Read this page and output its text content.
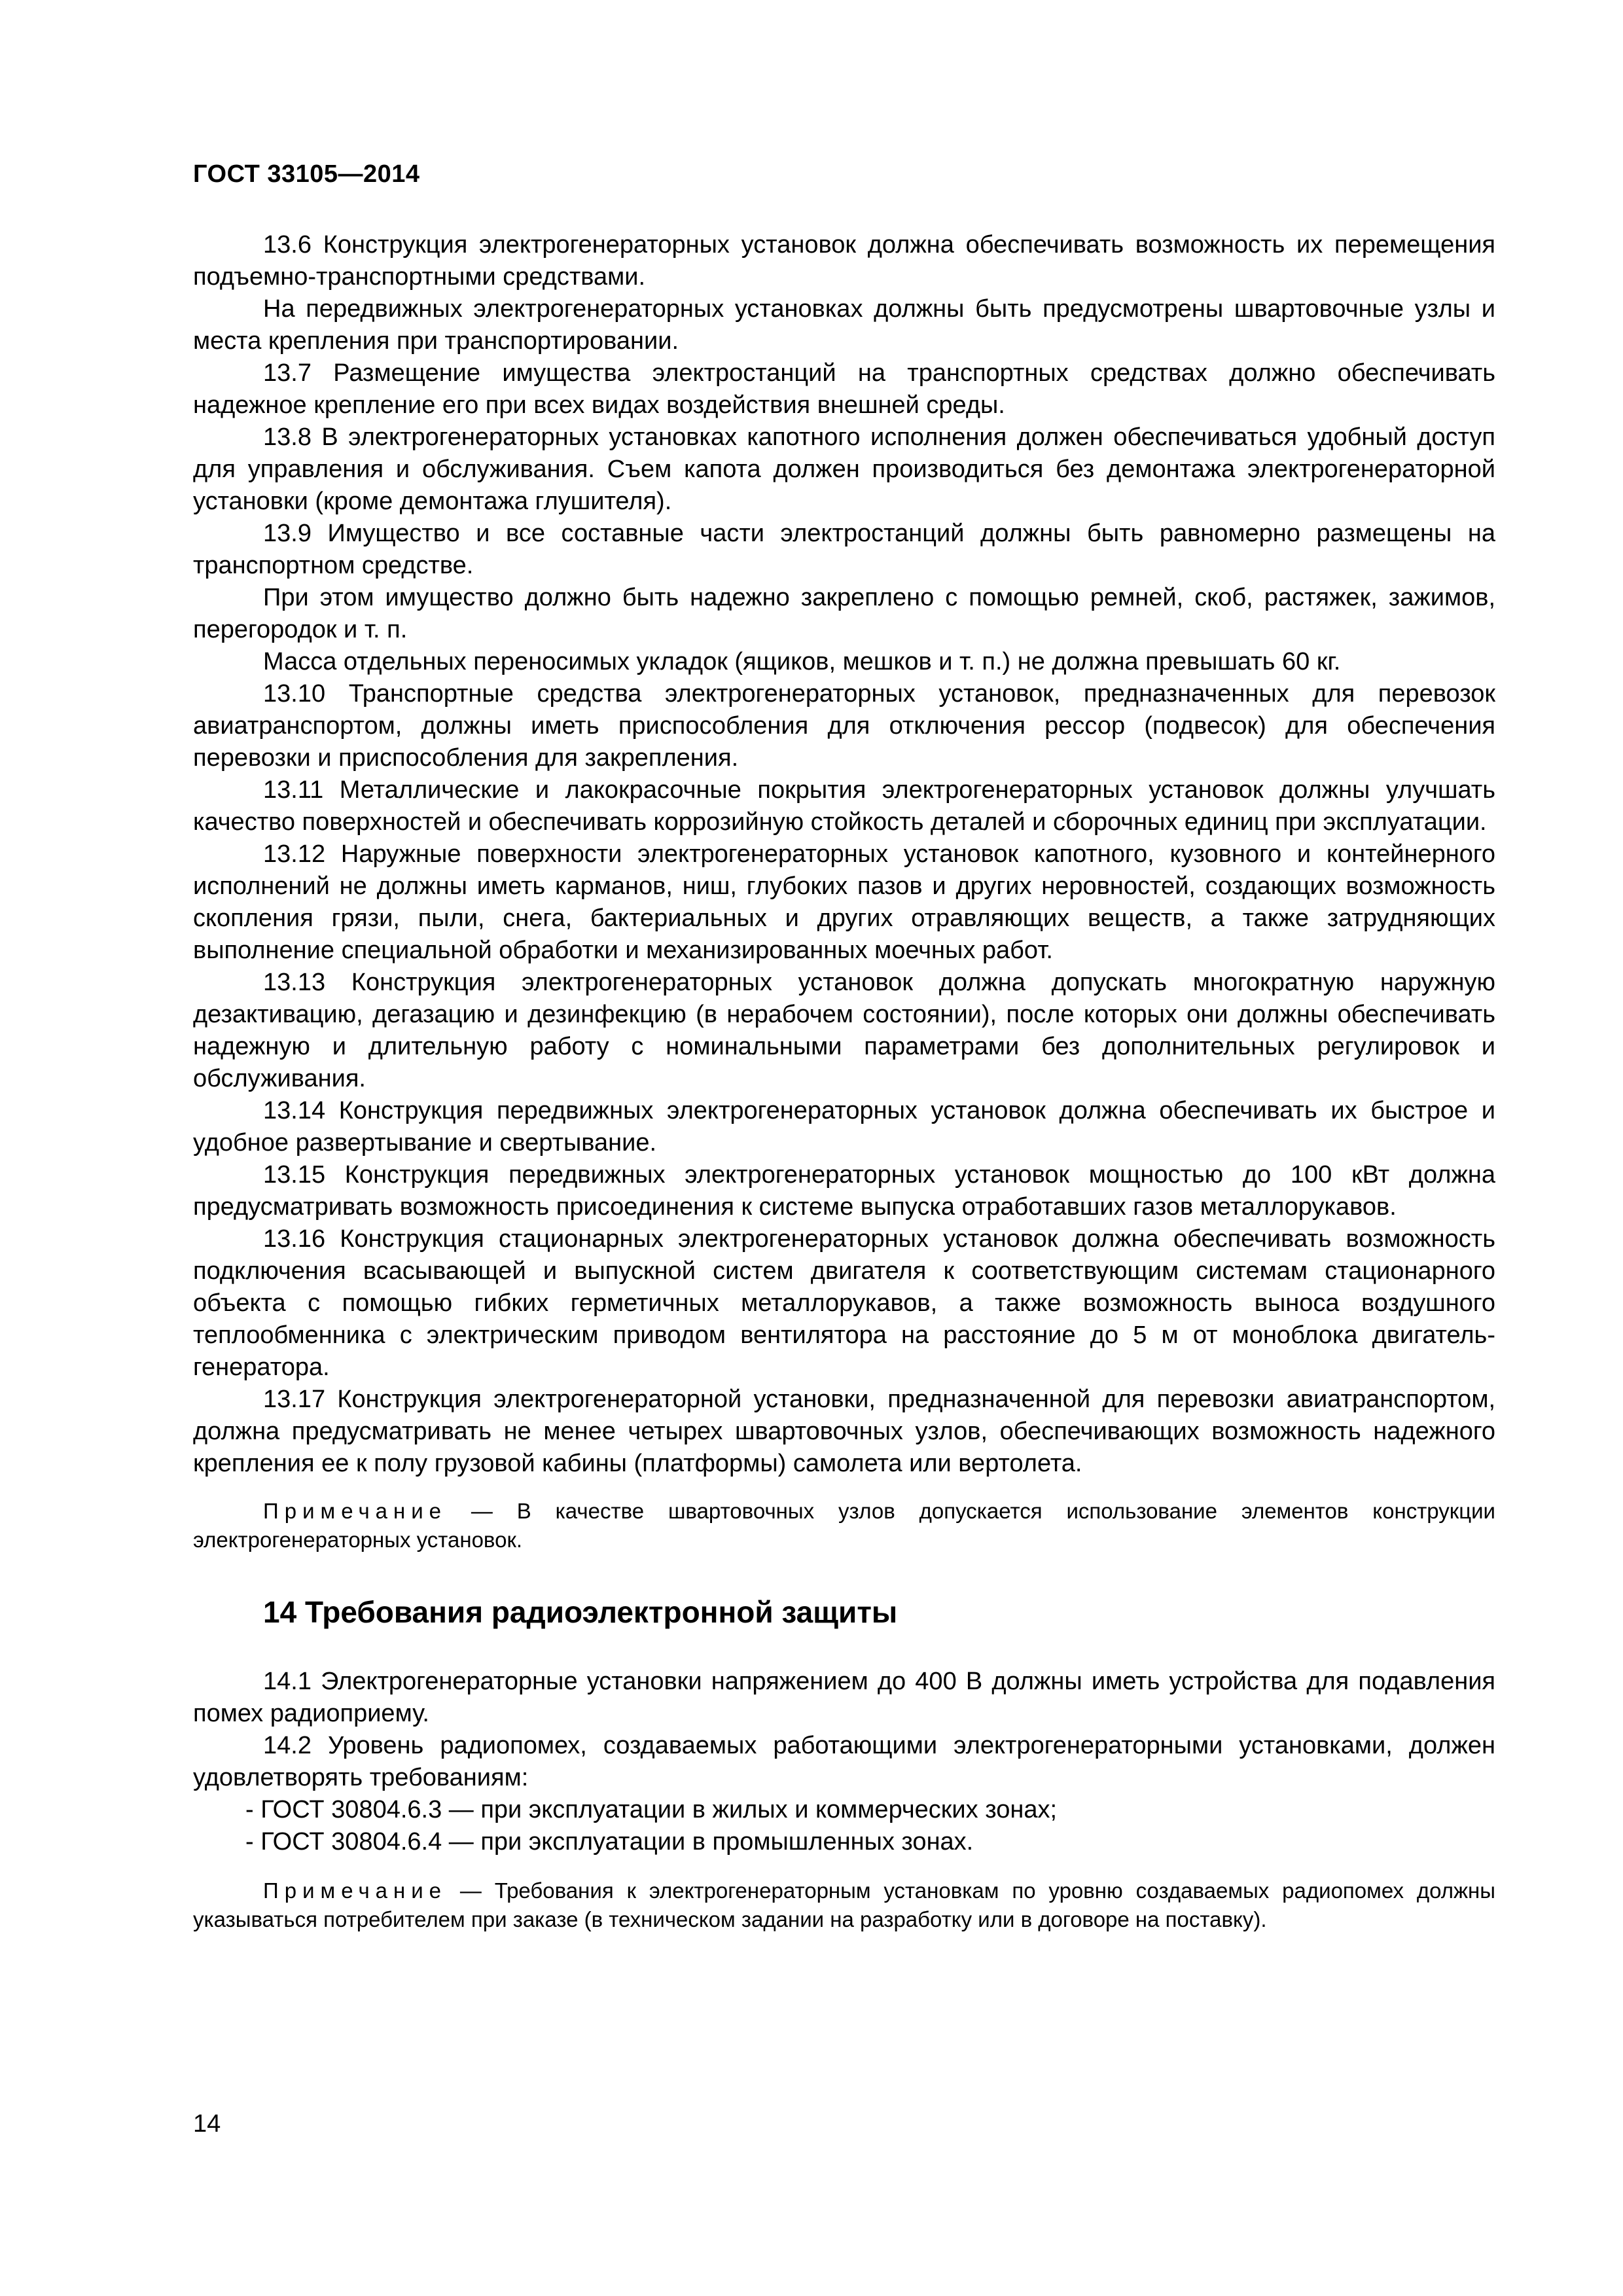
ГОСТ 33105—2014

13.6 Конструкция электрогенераторных установок должна обеспечивать возможность их перемещения подъемно-транспортными средствами.

На передвижных электрогенераторных установках должны быть предусмотрены швартовочные узлы и места крепления при транспортировании.

13.7 Размещение имущества электростанций на транспортных средствах должно обеспечивать надежное крепление его при всех видах воздействия внешней среды.

13.8 В электрогенераторных установках капотного исполнения должен обеспечиваться удобный доступ для управления и обслуживания. Съем капота должен производиться без демонтажа электрогенераторной установки (кроме демонтажа глушителя).

13.9 Имущество и все составные части электростанций должны быть равномерно размещены на транспортном средстве.

При этом имущество должно быть надежно закреплено с помощью ремней, скоб, растяжек, зажимов, перегородок и т. п.

Масса отдельных переносимых укладок (ящиков, мешков и т. п.) не должна превышать 60 кг.

13.10 Транспортные средства электрогенераторных установок, предназначенных для перевозок авиатранспортом, должны иметь приспособления для отключения рессор (подвесок) для обеспечения перевозки и приспособления для закрепления.

13.11 Металлические и лакокрасочные покрытия электрогенераторных установок должны улучшать качество поверхностей и обеспечивать коррозийную стойкость деталей и сборочных единиц при эксплуатации.

13.12 Наружные поверхности электрогенераторных установок капотного, кузовного и контейнерного исполнений не должны иметь карманов, ниш, глубоких пазов и других неровностей, создающих возможность скопления грязи, пыли, снега, бактериальных и других отравляющих веществ, а также затрудняющих выполнение специальной обработки и механизированных моечных работ.

13.13 Конструкция электрогенераторных установок должна допускать многократную наружную дезактивацию, дегазацию и дезинфекцию (в нерабочем состоянии), после которых они должны обеспечивать надежную и длительную работу с номинальными параметрами без дополнительных регулировок и обслуживания.

13.14 Конструкция передвижных электрогенераторных установок должна обеспечивать их быстрое и удобное развертывание и свертывание.

13.15 Конструкция передвижных электрогенераторных установок мощностью до 100 кВт должна предусматривать возможность присоединения к системе выпуска отработавших газов металлорукавов.

13.16 Конструкция стационарных электрогенераторных установок должна обеспечивать возможность подключения всасывающей и выпускной систем двигателя к соответствующим системам стационарного объекта с помощью гибких герметичных металлорукавов, а также возможность выноса воздушного теплообменника с электрическим приводом вентилятора на расстояние до 5 м от моноблока двигатель-генератора.

13.17 Конструкция электрогенераторной установки, предназначенной для перевозки авиатранспортом, должна предусматривать не менее четырех швартовочных узлов, обеспечивающих возможность надежного крепления ее к полу грузовой кабины (платформы) самолета или вертолета.

Примечание — В качестве швартовочных узлов допускается использование элементов конструкции электрогенераторных установок.

14 Требования радиоэлектронной защиты

14.1 Электрогенераторные установки напряжением до 400 В должны иметь устройства для подавления помех радиоприему.

14.2 Уровень радиопомех, создаваемых работающими электрогенераторными установками, должен удовлетворять требованиям:

- ГОСТ 30804.6.3 — при эксплуатации в жилых и коммерческих зонах;

- ГОСТ 30804.6.4 — при эксплуатации в промышленных зонах.

Примечание — Требования к электрогенераторным установкам по уровню создаваемых радиопомех должны указываться потребителем при заказе (в техническом задании на разработку или в договоре на поставку).

14
